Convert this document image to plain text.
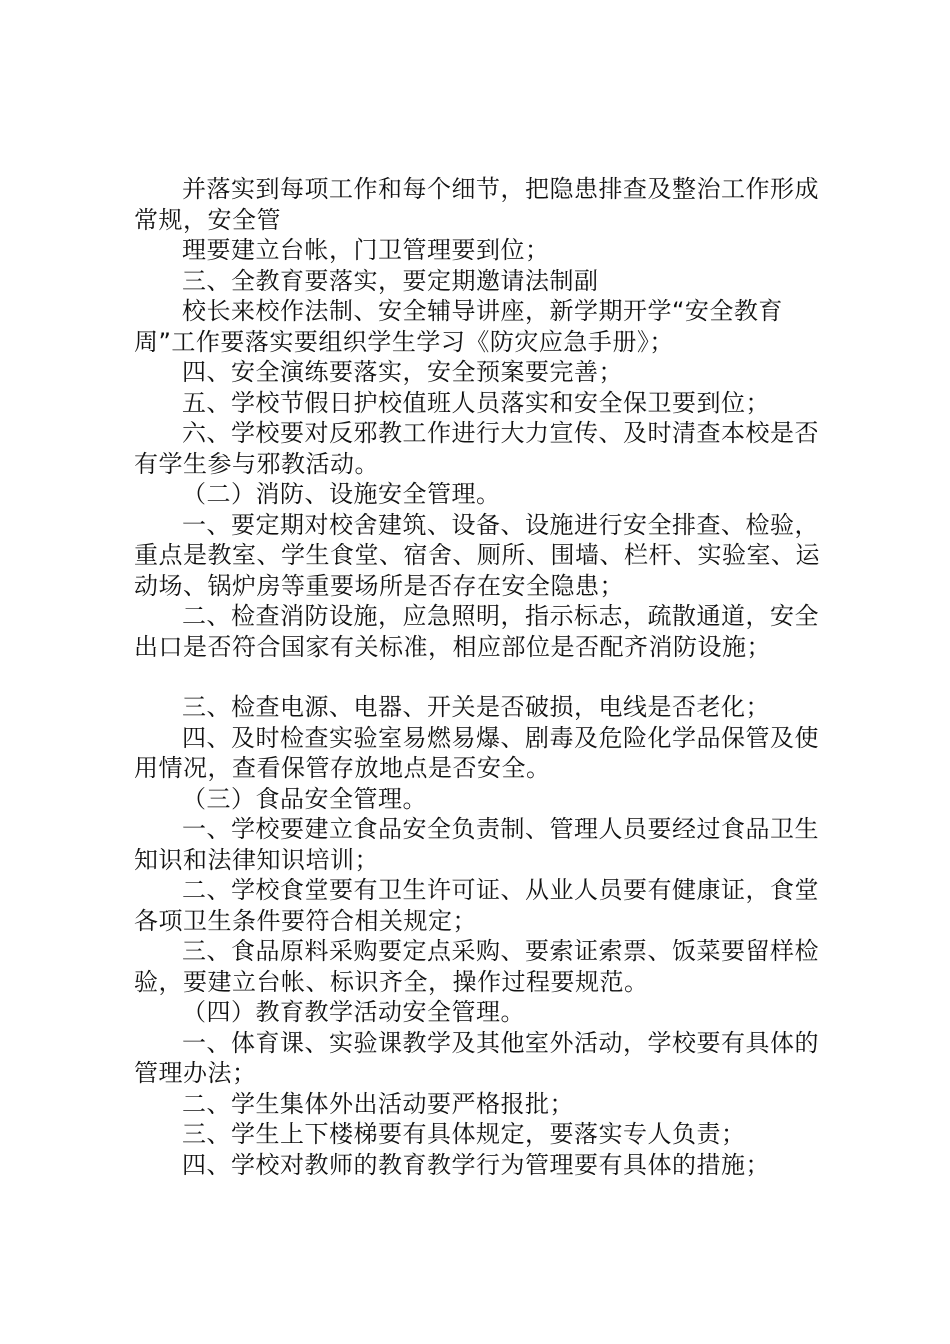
并落实到每项工作和每个细节，把隐患排查及整治工作形成常规，安全管

理要建立台帐，门卫管理要到位；

三、全教育要落实，要定期邀请法制副

校长来校作法制、安全辅导讲座，新学期开学“安全教育周”工作要落实要组织学生学习《防灾应急手册》；

四、安全演练要落实，安全预案要完善；

五、学校节假日护校值班人员落实和安全保卫要到位；

六、学校要对反邪教工作进行大力宣传、及时清查本校是否有学生参与邪教活动。

（二）消防、设施安全管理。

一、要定期对校舍建筑、设备、设施进行安全排查、检验，重点是教室、学生食堂、宿舍、厕所、围墙、栏杆、实验室、运动场、锅炉房等重要场所是否存在安全隐患；

二、检查消防设施，应急照明，指示标志，疏散通道，安全出口是否符合国家有关标准，相应部位是否配齐消防设施；

三、检查电源、电器、开关是否破损，电线是否老化；

四、及时检查实验室易燃易爆、剧毒及危险化学品保管及使用情况，查看保管存放地点是否安全。

（三）食品安全管理。

一、学校要建立食品安全负责制、管理人员要经过食品卫生知识和法律知识培训；

二、学校食堂要有卫生许可证、从业人员要有健康证，食堂各项卫生条件要符合相关规定；

三、食品原料采购要定点采购、要索证索票、饭菜要留样检验，要建立台帐、标识齐全，操作过程要规范。

（四）教育教学活动安全管理。

一、体育课、实验课教学及其他室外活动，学校要有具体的管理办法；

二、学生集体外出活动要严格报批；

三、学生上下楼梯要有具体规定，要落实专人负责；

四、学校对教师的教育教学行为管理要有具体的措施；
